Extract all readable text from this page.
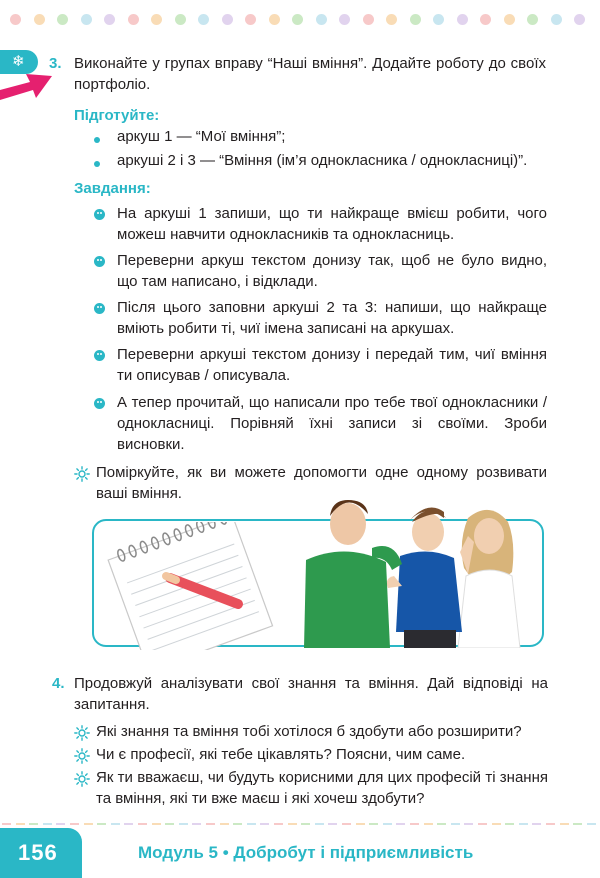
❄ 3. Виконайте у групах вправу “Наші вміння”. Додайте роботу до своїх портфоліо.

Підготуйте:

аркуш 1 — “Мої вміння”;

аркуші 2 і 3 — “Вміння (ім’я однокласника / однокласниці)”.

Завдання:

На аркуші 1 запиши, що ти найкраще вмієш робити, чого можеш навчити однокласників та однокласниць.

Переверни аркуш текстом донизу так, щоб не було видно, що там написано, і відклади.

Після цього заповни аркуші 2 та 3: напиши, що найкраще вміють робити ті, чиї імена записані на аркушах.

Переверни аркуші текстом донизу і передай тим, чиї вміння ти описував / описувала.

А тепер прочитай, що написали про тебе твої однокласники / однокласниці. Порівняй їхні записи зі своїми. Зроби висновки.

Поміркуйте, як ви можете допомогти одне одному розвивати ваші вміння.

4. Продовжуй аналізувати свої знання та вміння. Дай відповіді на запитання.

Які знання та вміння тобі хотілося б здобути або розширити?

Чи є професії, які тебе цікавлять? Поясни, чим саме.

Як ти вважаєш, чи будуть корисними для цих професій ті знання та вміння, які ти вже маєш і які хочеш здобути?

156	Модуль 5 • Добробут і підприємливість
